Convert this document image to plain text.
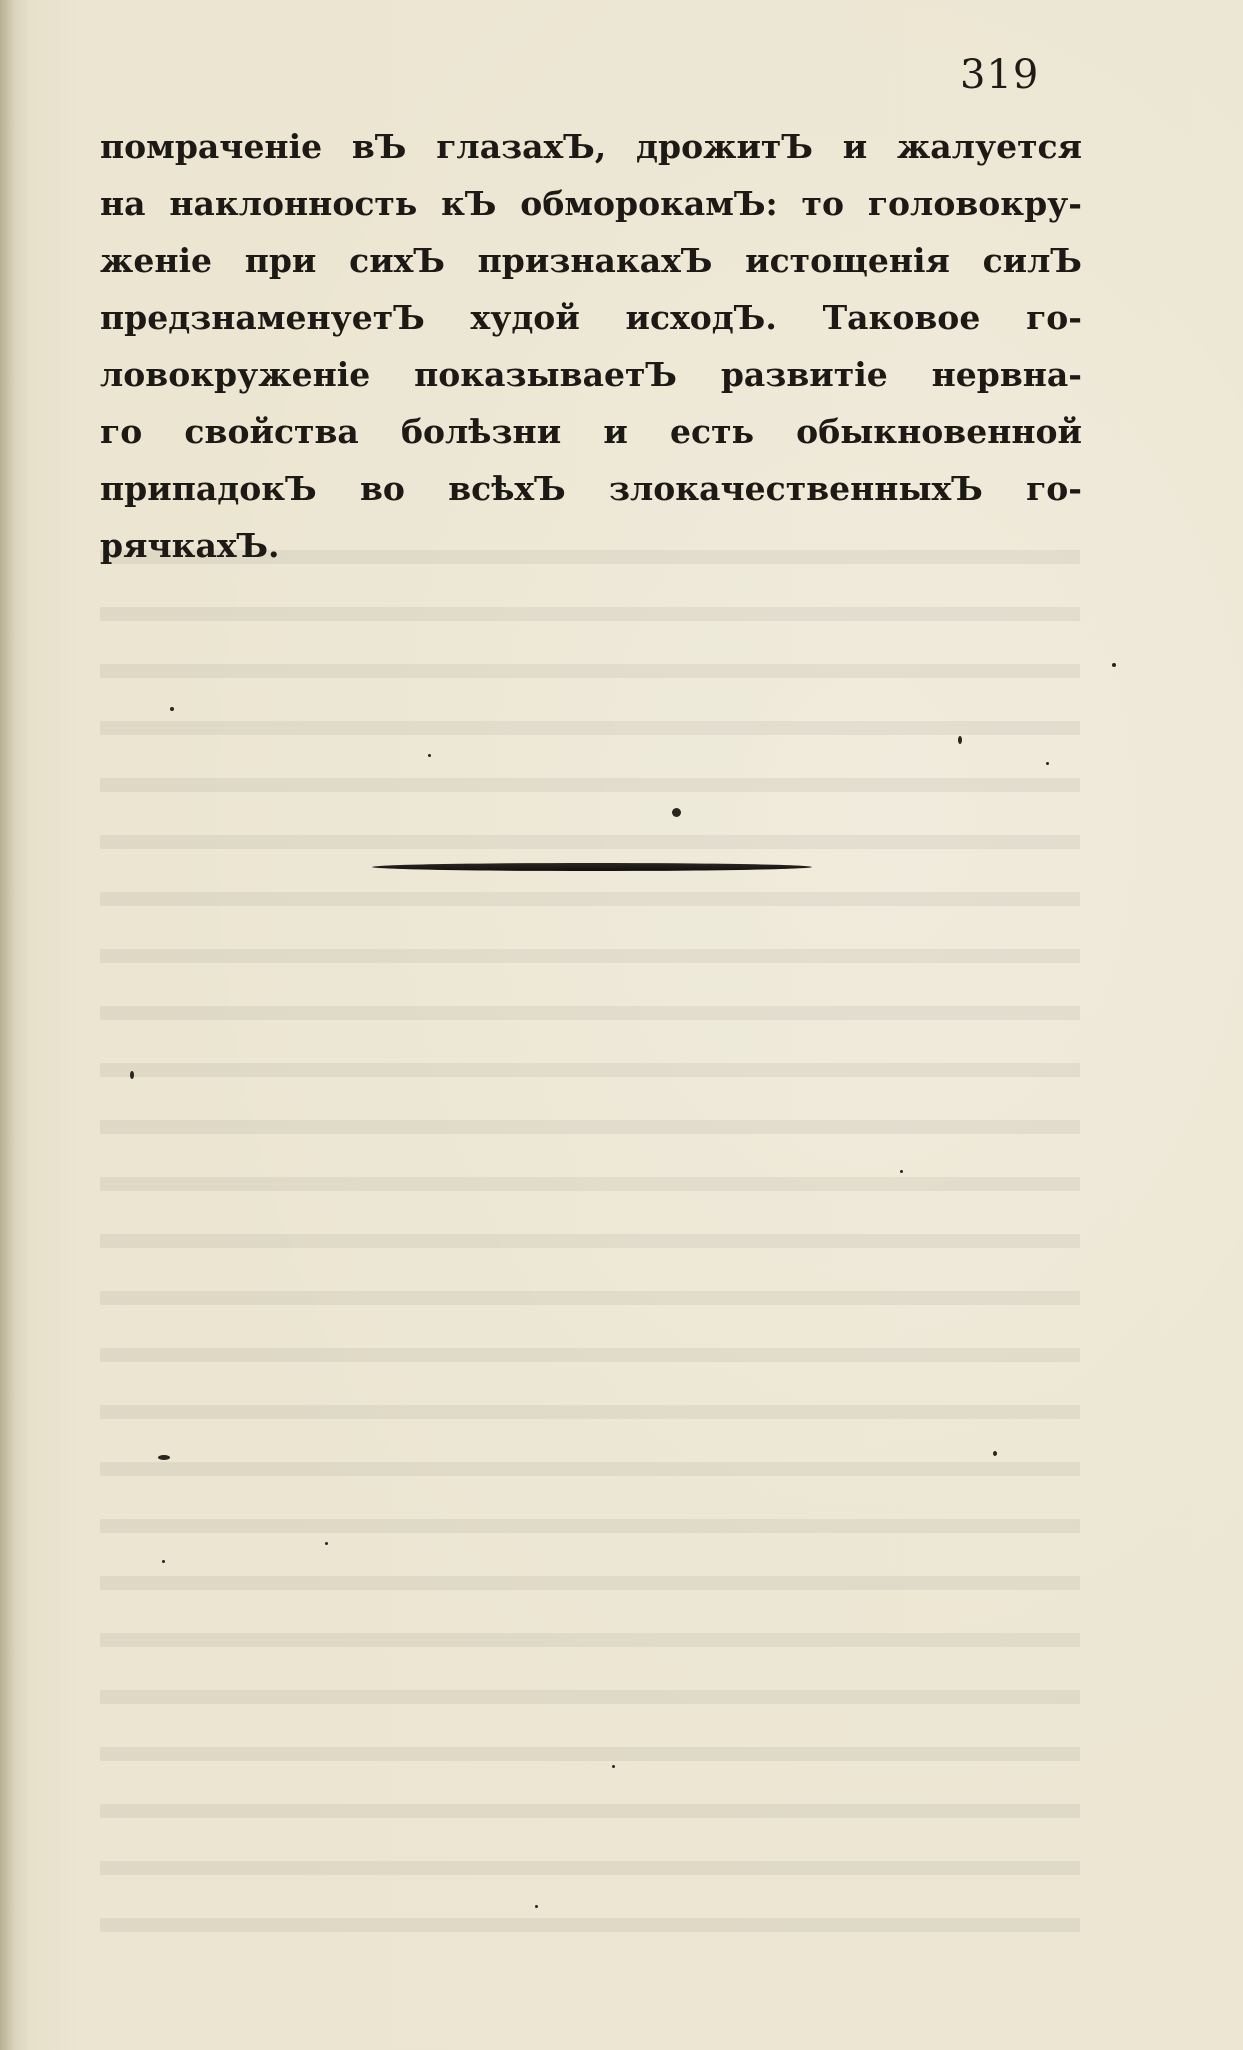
319
помраченіе вЪ глазахЪ, дрожитЪ и жалуется
на наклонность кЪ обморокамЪ: то головокру-
женіе при сихЪ признакахЪ истощенія силЪ
предзнаменуетЪ худой исходЪ. Таковое го-
ловокруженіе показываетЪ развитіе нервна-
го свойства болѣзни и есть обыкновенной
припадокЪ во всѣхЪ злокачественныхЪ го-
рячкахЪ.
